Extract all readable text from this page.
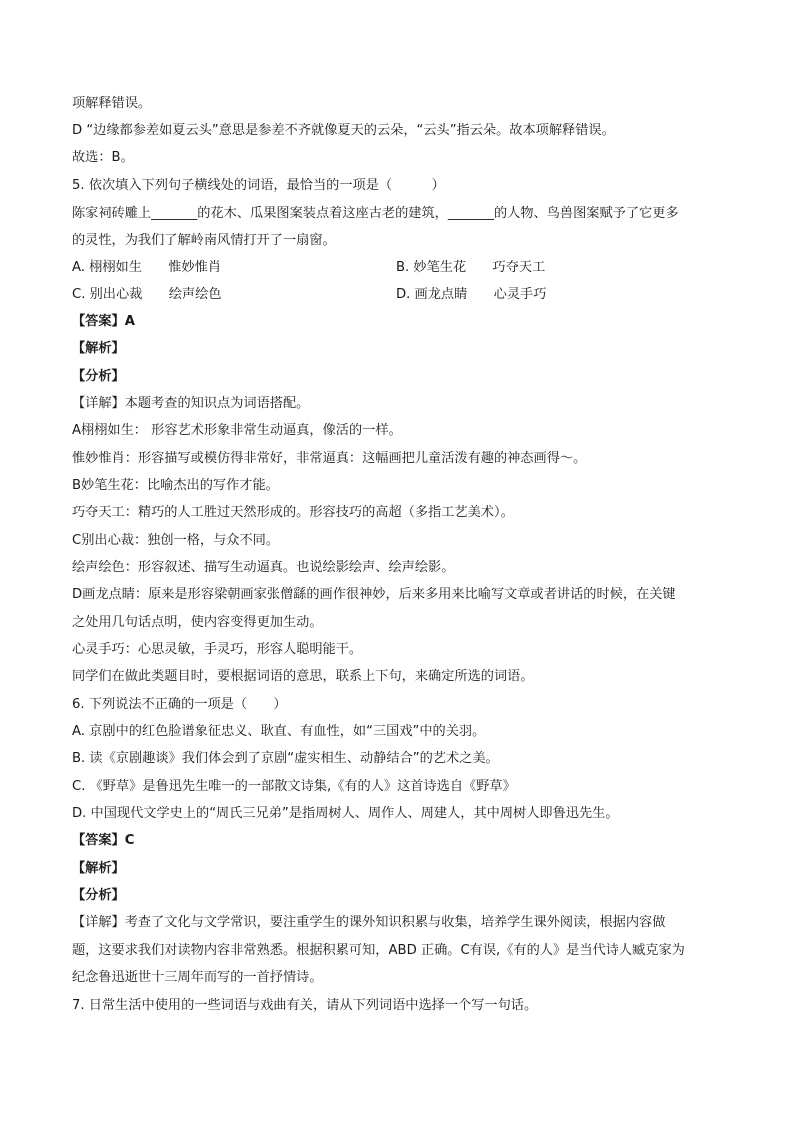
项解释错误。
D “边缘都参差如夏云头”意思是参差不齐就像夏天的云朵，“云头”指云朵。故本项解释错误。
故选：B。
5. 依次填入下列句子横线处的词语，最恰当的一项是（　　　）
陈家祠砖雕上_______的花木、瓜果图案装点着这座古老的建筑，_______的人物、鸟兽图案赋予了它更多
的灵性，为我们了解岭南风情打开了一扇窗。
A. 栩栩如生　　惟妙惟肖	B. 妙笔生花　　巧夺天工
C. 别出心裁　　绘声绘色	D. 画龙点睛　　心灵手巧
【答案】A
【解析】
【分析】
【详解】本题考查的知识点为词语搭配。
A栩栩如生： 形容艺术形象非常生动逼真，像活的一样。
惟妙惟肖：形容描写或模仿得非常好，非常逼真：这幅画把儿童活泼有趣的神态画得～。
B妙笔生花：比喻杰出的写作才能。
巧夺天工：精巧的人工胜过天然形成的。形容技巧的高超（多指工艺美术）。
C别出心裁：独创一格，与众不同。
绘声绘色：形容叙述、描写生动逼真。也说绘影绘声、绘声绘影。
D画龙点睛：原来是形容梁朝画家张僧繇的画作很神妙，后来多用来比喻写文章或者讲话的时候，在关键
之处用几句话点明，使内容变得更加生动。
心灵手巧：心思灵敏，手灵巧，形容人聪明能干。
同学们在做此类题目时，要根据词语的意思，联系上下句，来确定所选的词语。
6. 下列说法不正确的一项是（　　）
A. 京剧中的红色脸谱象征忠义、耿直、有血性，如“三国戏”中的关羽。
B. 读《京剧趣谈》我们体会到了京剧“虚实相生、动静结合”的艺术之美。
C. 《野草》是鲁迅先生唯一的一部散文诗集,《有的人》这首诗选自《野草》
D. 中国现代文学史上的“周氏三兄弟”是指周树人、周作人、周建人，其中周树人即鲁迅先生。
【答案】C
【解析】
【分析】
【详解】考查了文化与文学常识，要注重学生的课外知识积累与收集，培养学生课外阅读，根据内容做
题，这要求我们对读物内容非常熟悉。根据积累可知，ABD 正确。C有误,《有的人》是当代诗人臧克家为
纪念鲁迅逝世十三周年而写的一首抒情诗。
7. 日常生活中使用的一些词语与戏曲有关，请从下列词语中选择一个写一句话。
